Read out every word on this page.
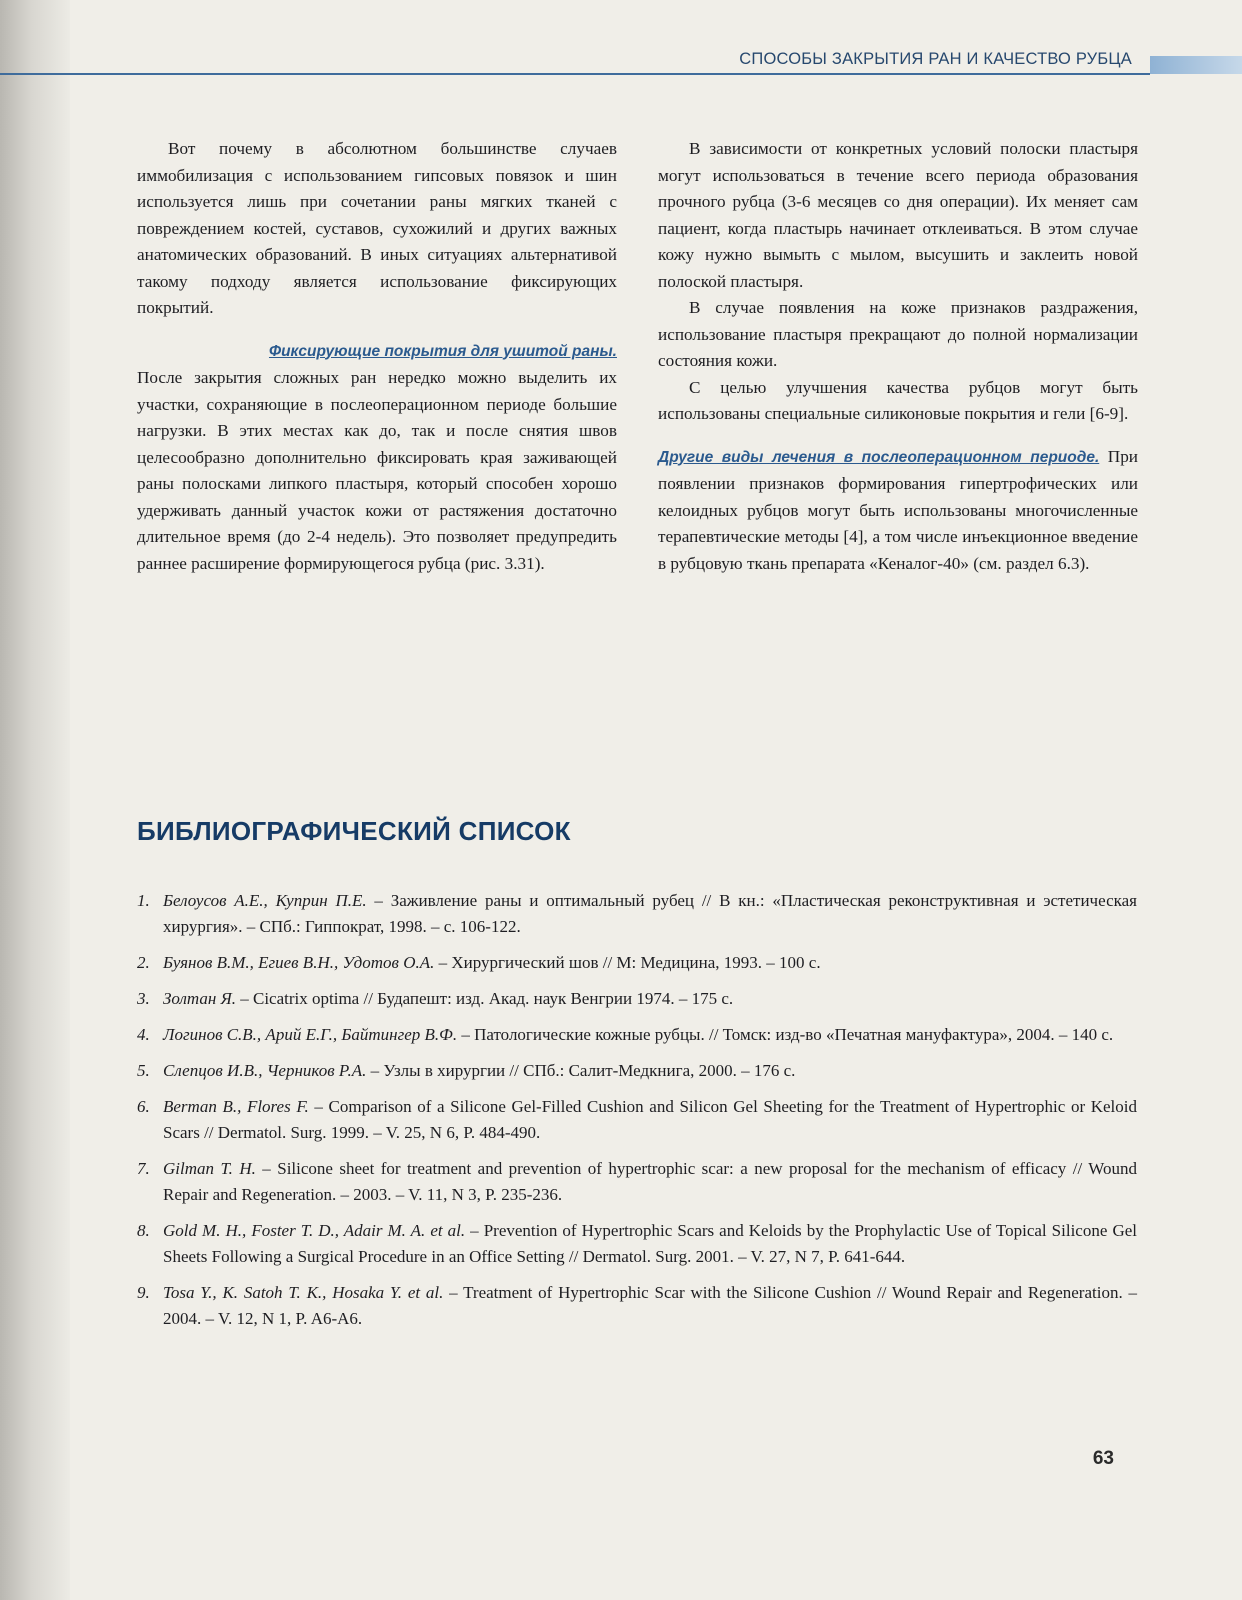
СПОСОБЫ ЗАКРЫТИЯ РАН И КАЧЕСТВО РУБЦА

Вот почему в абсолютном большинстве случаев иммобилизация с использованием гипсовых повязок и шин используется лишь при сочетании раны мягких тканей с повреждением костей, суставов, сухожилий и других важных анатомических образований. В иных ситуациях альтернативой такому подходу является использование фиксирующих покрытий.

Фиксирующие покрытия для ушитой раны.

После закрытия сложных ран нередко можно выделить их участки, сохраняющие в послеоперационном периоде большие нагрузки. В этих местах как до, так и после снятия швов целесообразно дополнительно фиксировать края заживающей раны полосками липкого пластыря, который способен хорошо удерживать данный участок кожи от растяжения достаточно длительное время (до 2-4 недель). Это позволяет предупредить раннее расширение формирующегося рубца (рис. 3.31).

В зависимости от конкретных условий полоски пластыря могут использоваться в течение всего периода образования прочного рубца (3-6 месяцев со дня операции). Их меняет сам пациент, когда пластырь начинает отклеиваться. В этом случае кожу нужно вымыть с мылом, высушить и заклеить новой полоской пластыря.

В случае появления на коже признаков раздражения, использование пластыря прекращают до полной нормализации состояния кожи.

С целью улучшения качества рубцов могут быть использованы специальные силиконовые покрытия и гели [6-9].

Другие виды лечения в послеоперационном периоде. При появлении признаков формирования гипертрофических или келоидных рубцов могут быть использованы многочисленные терапевтические методы [4], а том числе инъекционное введение в рубцовую ткань препарата «Кеналог-40» (см. раздел 6.3).

БИБЛИОГРАФИЧЕСКИЙ СПИСОК
1. Белоусов А.Е., Куприн П.Е. – Заживление раны и оптимальный рубец // В кн.: «Пластическая реконструктивная и эстетическая хирургия». – СПб.: Гиппократ, 1998. – с. 106-122.
2. Буянов В.М., Егиев В.Н., Удотов О.А. – Хирургический шов // М: Медицина, 1993. – 100 с.
3. Золтан Я. – Cicatrix optima // Будапешт: изд. Акад. наук Венгрии 1974. – 175 с.
4. Логинов С.В., Арий Е.Г., Байтингер В.Ф. – Патологические кожные рубцы. // Томск: изд-во «Печатная мануфактура», 2004. – 140 с.
5. Слепцов И.В., Черников Р.А. – Узлы в хирургии // СПб.: Салит-Медкнига, 2000. – 176 с.
6. Berman B., Flores F. – Comparison of a Silicone Gel-Filled Cushion and Silicon Gel Sheeting for the Treatment of Hypertrophic or Keloid Scars // Dermatol. Surg. 1999. – V. 25, N 6, P. 484-490.
7. Gilman T. H. – Silicone sheet for treatment and prevention of hypertrophic scar: a new proposal for the mechanism of efficacy // Wound Repair and Regeneration. – 2003. – V. 11, N 3, P. 235-236.
8. Gold M. H., Foster T. D., Adair M. A. et al. – Prevention of Hypertrophic Scars and Keloids by the Prophylactic Use of Topical Silicone Gel Sheets Following a Surgical Procedure in an Office Setting // Dermatol. Surg. 2001. – V. 27, N 7, P. 641-644.
9. Tosa Y., K. Satoh T. K., Hosaka Y. et al. – Treatment of Hypertrophic Scar with the Silicone Cushion // Wound Repair and Regeneration. – 2004. – V. 12, N 1, P. A6-A6.
63
